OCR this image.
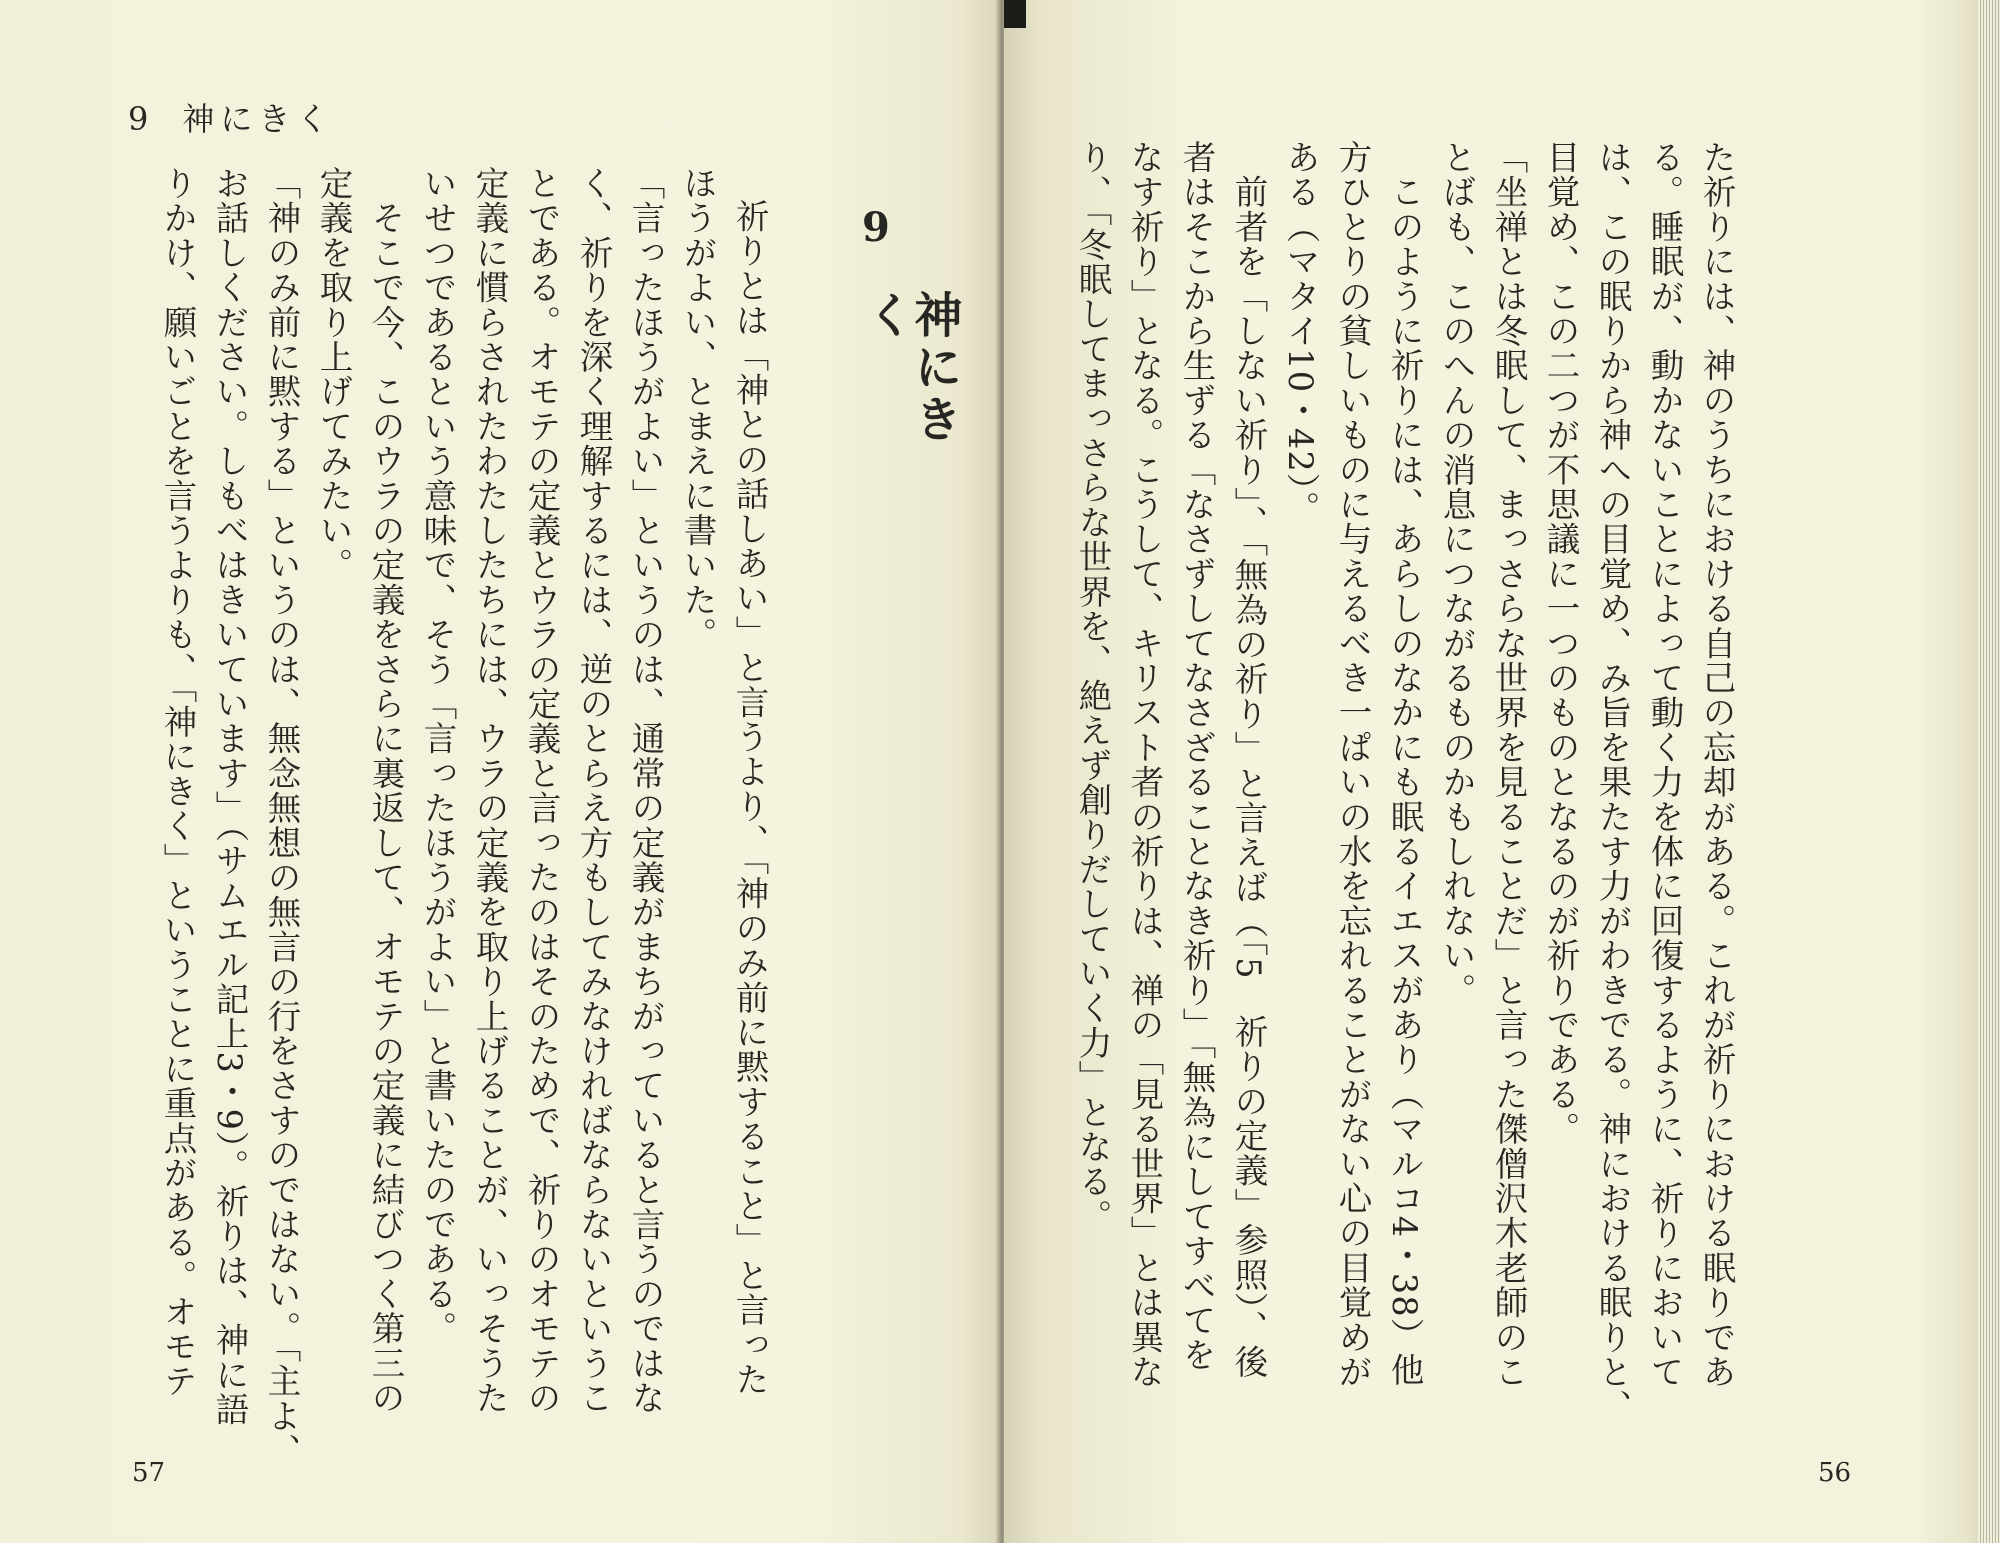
9 神にきく
9
神にきく

祈りとは「神との話しあい」と言うより、「神のみ前に黙すること」と言った

ほうがよい、とまえに書いた。

「言ったほうがよい」というのは、通常の定義がまちがっていると言うのではな

く、祈りを深く理解するには、逆のとらえ方もしてみなければならないというこ

とである。オモテの定義とウラの定義と言ったのはそのためで、祈りのオモテの

定義に慣らされたわたしたちには、ウラの定義を取り上げることが、いっそうた

いせつであるという意味で、そう「言ったほうがよい」と書いたのである。

　そこで今、このウラの定義をさらに裏返して、オモテの定義に結びつく第三の

定義を取り上げてみたい。

「神のみ前に黙する」というのは、無念無想の無言の行をさすのではない。「主よ、

お話しください。しもべはきいています」（サムエル記上3・9）。祈りは、神に語

りかけ、願いごとを言うよりも、「神にきく」ということに重点がある。オモテ

57

た祈りには、神のうちにおける自己の忘却がある。これが祈りにおける眠りであ

る。睡眠が、動かないことによって動く力を体に回復するように、祈りにおいて

は、この眠りから神への目覚め、み旨を果たす力がわきでる。神における眠りと、

目覚め、この二つが不思議に一つのものとなるのが祈りである。

「坐禅とは冬眠して、まっさらな世界を見ることだ」と言った傑僧沢木老師のこ

とばも、このへんの消息につながるものかもしれない。

　このように祈りには、あらしのなかにも眠るイエスがあり（マルコ4・38）他

方ひとりの貧しいものに与えるべき一ぱいの水を忘れることがない心の目覚めが

ある（マタイ10・42）。

　前者を「しない祈り」、「無為の祈り」と言えば（「5　祈りの定義」参照）、後

者はそこから生ずる「なさずしてなさざることなき祈り」「無為にしてすべてを

なす祈り」となる。こうして、キリスト者の祈りは、禅の「見る世界」とは異な

り、「冬眠してまっさらな世界を、絶えず創りだしていく力」となる。

56
